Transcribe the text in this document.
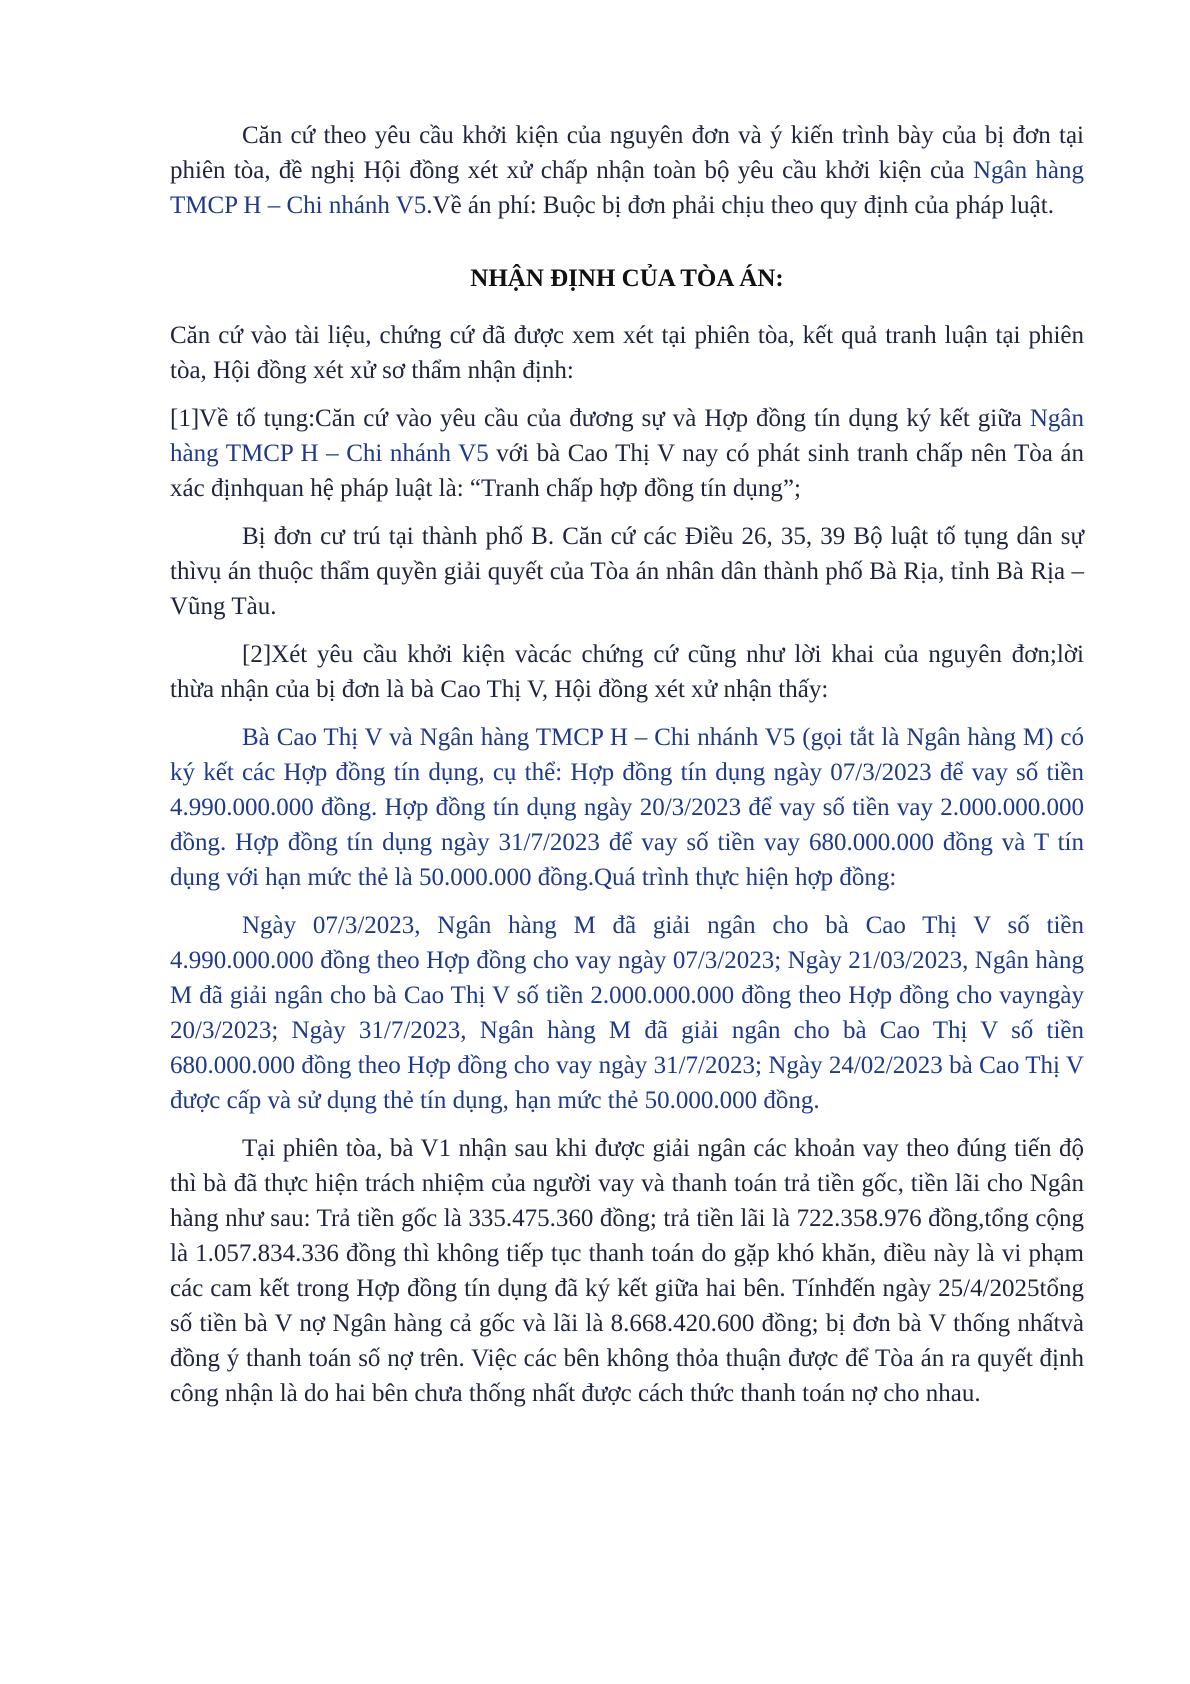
Căn cứ theo yêu cầu khởi kiện của nguyên đơn và ý kiến trình bày của bị đơn tại phiên tòa, đề nghị Hội đồng xét xử chấp nhận toàn bộ yêu cầu khởi kiện của Ngân hàng TMCP H – Chi nhánh V5.Về án phí: Buộc bị đơn phải chịu theo quy định của pháp luật.

NHẬN ĐỊNH CỦA TÒA ÁN:

Căn cứ vào tài liệu, chứng cứ đã được xem xét tại phiên tòa, kết quả tranh luận tại phiên tòa, Hội đồng xét xử sơ thẩm nhận định:

[1]Về tố tụng:Căn cứ vào yêu cầu của đương sự và Hợp đồng tín dụng ký kết giữa Ngân hàng TMCP H – Chi nhánh V5 với bà Cao Thị V nay có phát sinh tranh chấp nên Tòa án xác địnhquan hệ pháp luật là: “Tranh chấp hợp đồng tín dụng”;

Bị đơn cư trú tại thành phố B. Căn cứ các Điều 26, 35, 39 Bộ luật tố tụng dân sự thìvụ án thuộc thẩm quyền giải quyết của Tòa án nhân dân thành phố Bà Rịa, tỉnh Bà Rịa – Vũng Tàu.

[2]Xét yêu cầu khởi kiện vàcác chứng cứ cũng như lời khai của nguyên đơn;lời thừa nhận của bị đơn là bà Cao Thị V, Hội đồng xét xử nhận thấy:

Bà Cao Thị V và Ngân hàng TMCP H – Chi nhánh V5 (gọi tắt là Ngân hàng M) có ký kết các Hợp đồng tín dụng, cụ thể: Hợp đồng tín dụng ngày 07/3/2023 để vay số tiền 4.990.000.000 đồng. Hợp đồng tín dụng ngày 20/3/2023 để vay số tiền vay 2.000.000.000 đồng. Hợp đồng tín dụng ngày 31/7/2023 để vay số tiền vay 680.000.000 đồng và T tín dụng với hạn mức thẻ là 50.000.000 đồng.Quá trình thực hiện hợp đồng:

Ngày 07/3/2023, Ngân hàng M đã giải ngân cho bà Cao Thị V số tiền 4.990.000.000 đồng theo Hợp đồng cho vay ngày 07/3/2023; Ngày 21/03/2023, Ngân hàng M đã giải ngân cho bà Cao Thị V số tiền 2.000.000.000 đồng theo Hợp đồng cho vayngày 20/3/2023; Ngày 31/7/2023, Ngân hàng M đã giải ngân cho bà Cao Thị V số tiền 680.000.000 đồng theo Hợp đồng cho vay ngày 31/7/2023; Ngày 24/02/2023 bà Cao Thị V được cấp và sử dụng thẻ tín dụng, hạn mức thẻ 50.000.000 đồng.

Tại phiên tòa, bà V1 nhận sau khi được giải ngân các khoản vay theo đúng tiến độ thì bà đã thực hiện trách nhiệm của người vay và thanh toán trả tiền gốc, tiền lãi cho Ngân hàng như sau: Trả tiền gốc là 335.475.360 đồng; trả tiền lãi là 722.358.976 đồng,tổng cộng là 1.057.834.336 đồng thì không tiếp tục thanh toán do gặp khó khăn, điều này là vi phạm các cam kết trong Hợp đồng tín dụng đã ký kết giữa hai bên. Tínhđến ngày 25/4/2025tổng số tiền bà V nợ Ngân hàng cả gốc và lãi là 8.668.420.600 đồng; bị đơn bà V thống nhấtvà đồng ý thanh toán số nợ trên. Việc các bên không thỏa thuận được để Tòa án ra quyết định công nhận là do hai bên chưa thống nhất được cách thức thanh toán nợ cho nhau.
